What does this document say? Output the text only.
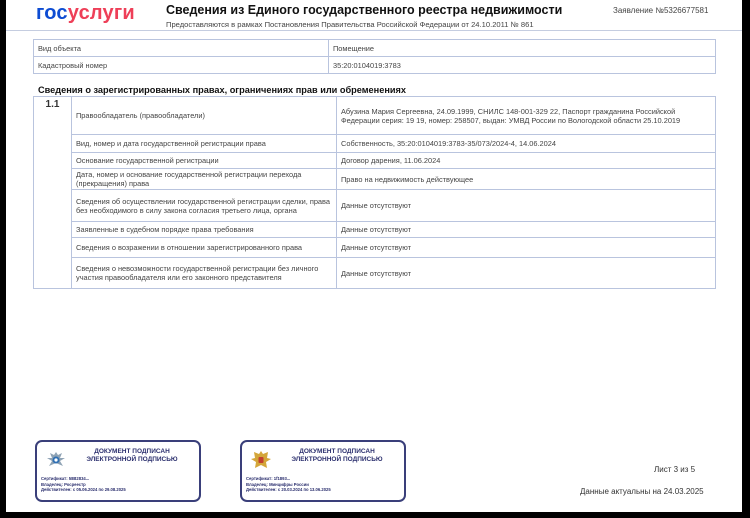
госуслуги Сведения из Единого государственного реестра недвижимости
Предоставляются в рамках Постановления Правительства Российской Федерации от 24.10.2011 № 861
Заявление №5326677581
Вид объекта	Помещение
Кадастровый номер	35:20:0104019:3783
Сведения о зарегистрированных правах, ограничениях прав или обременениях
1.1	Правообладатель (правообладатели)	Абузина Мария Сергеевна, 24.09.1999, СНИЛС 148-001-329 22, Паспорт гражданина Российской Федерации серия: 19 19, номер: 258507, выдан: УМВД России по Вологодской области 25.10.2019
	Вид, номер и дата государственной регистрации права	Собственность, 35:20:0104019:3783-35/073/2024-4, 14.06.2024
	Основание государственной регистрации	Договор дарения, 11.06.2024
	Дата, номер и основание государственной регистрации перехода (прекращения) права	Право на недвижимость действующее
	Сведения об осуществлении государственной регистрации сделки, права без необходимого в силу закона согласия третьего лица, органа	Данные отсутствуют
	Заявленные в судебном порядке права требования	Данные отсутствуют
	Сведения о возражении в отношении зарегистрированного права	Данные отсутствуют
	Сведения о невозможности государственной регистрации без личного участия правообладателя или его законного представителя	Данные отсутствуют
ДОКУМЕНТ ПОДПИСАН ЭЛЕКТРОННОЙ ПОДПИСЬЮ
Сертификат: 58B2834...
Владелец: Росреестр
Действителен: с 05.06.2024 по 29.08.2025
ДОКУМЕНТ ПОДПИСАН ЭЛЕКТРОННОЙ ПОДПИСЬЮ
Сертификат: 1f1893...
Владелец: Минцифры России
Действителен: с 20.03.2024 по 13.06.2025
Лист 3 из 5
Данные актуальны на 24.03.2025
